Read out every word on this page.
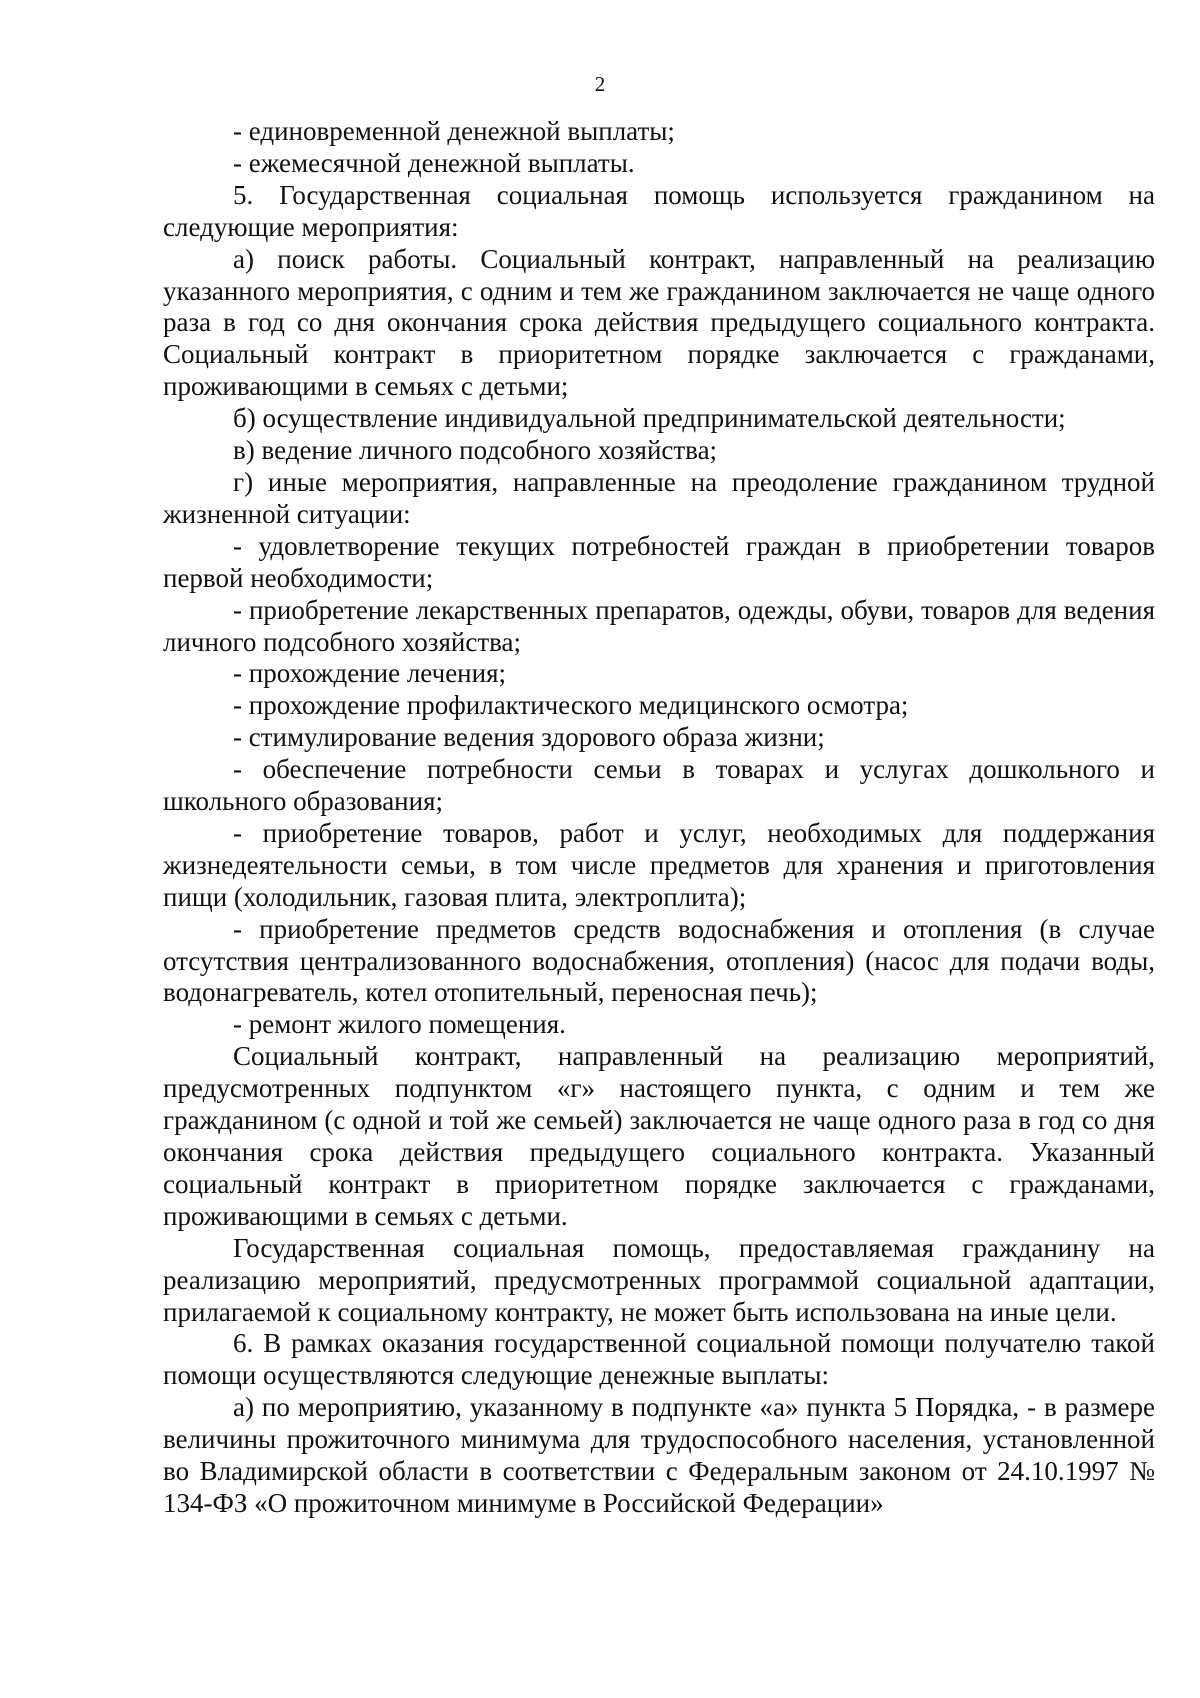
2

- единовременной денежной выплаты;

- ежемесячной денежной выплаты.

5. Государственная социальная помощь используется гражданином на следующие мероприятия:

а) поиск работы. Социальный контракт, направленный на реализацию указанного мероприятия, с одним и тем же гражданином заключается не чаще одного раза в год со дня окончания срока действия предыдущего социального контракта. Социальный контракт в приоритетном порядке заключается с гражданами, проживающими в семьях с детьми;

б) осуществление индивидуальной предпринимательской деятельности;

в) ведение личного подсобного хозяйства;

г) иные мероприятия, направленные на преодоление гражданином трудной жизненной ситуации:

- удовлетворение текущих потребностей граждан в приобретении товаров первой необходимости;

- приобретение лекарственных препаратов, одежды, обуви, товаров для ведения личного подсобного хозяйства;

- прохождение лечения;

- прохождение профилактического медицинского осмотра;

- стимулирование ведения здорового образа жизни;

- обеспечение потребности семьи в товарах и услугах дошкольного и школьного образования;

- приобретение товаров, работ и услуг, необходимых для поддержания жизнедеятельности семьи, в том числе предметов для хранения и приготовления пищи (холодильник, газовая плита, электроплита);

- приобретение предметов средств водоснабжения и отопления (в случае отсутствия централизованного водоснабжения, отопления) (насос для подачи воды, водонагреватель, котел отопительный, переносная печь);

- ремонт жилого помещения.

Социальный контракт, направленный на реализацию мероприятий, предусмотренных подпунктом «г» настоящего пункта, с одним и тем же гражданином (с одной и той же семьей) заключается не чаще одного раза в год со дня окончания срока действия предыдущего социального контракта. Указанный социальный контракт в приоритетном порядке заключается с гражданами, проживающими в семьях с детьми.

Государственная социальная помощь, предоставляемая гражданину на реализацию мероприятий, предусмотренных программой социальной адаптации, прилагаемой к социальному контракту, не может быть использована на иные цели.

6. В рамках оказания государственной социальной помощи получателю такой помощи осуществляются следующие денежные выплаты:

а) по мероприятию, указанному в подпункте «а» пункта 5 Порядка, - в размере величины прожиточного минимума для трудоспособного населения, установленной во Владимирской области в соответствии с Федеральным законом от 24.10.1997 № 134-ФЗ «О прожиточном минимуме в Российской Федерации»
